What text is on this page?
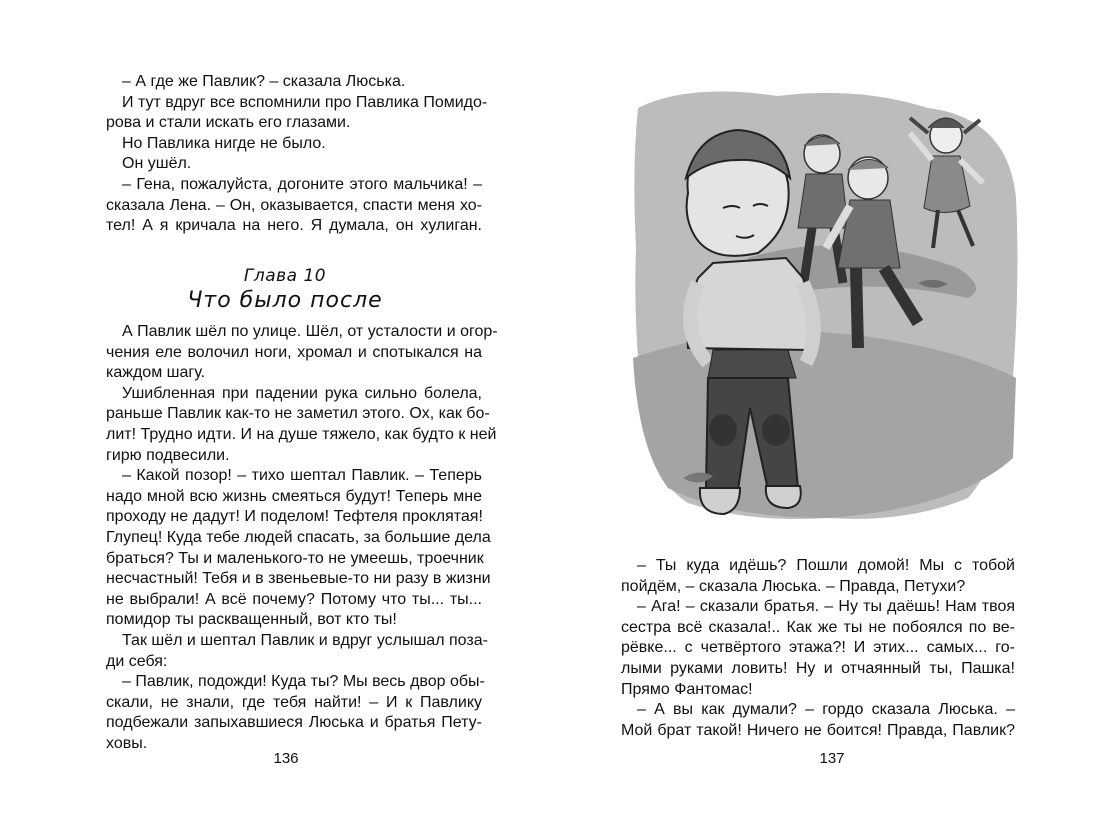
– А где же Павлик? – сказала Люська.
И тут вдруг все вспомнили про Павлика Помидо-
рова и стали искать его глазами.
Но Павлика нигде не было.
Он ушёл.
– Гена, пожалуйста, догоните этого мальчика! –
сказала Лена. – Он, оказывается, спасти меня хо-
тел! А я кричала на него. Я думала, он хулиган.
Глава 10
Что было после
А Павлик шёл по улице. Шёл, от усталости и огор-
чения еле волочил ноги, хромал и спотыкался на
каждом шагу.
Ушибленная при падении рука сильно болела,
раньше Павлик как-то не заметил этого. Ох, как бо-
лит! Трудно идти. И на душе тяжело, как будто к ней
гирю подвесили.
– Какой позор! – тихо шептал Павлик. – Теперь
надо мной всю жизнь смеяться будут! Теперь мне
проходу не дадут! И поделом! Тефтеля проклятая!
Глупец! Куда тебе людей спасать, за большие дела
браться? Ты и маленького-то не умеешь, троечник
несчастный! Тебя и в звеньевые-то ни разу в жизни
не выбрали! А всё почему? Потому что ты... ты...
помидор ты раскващенный, вот кто ты!
Так шёл и шептал Павлик и вдруг услышал поза-
ди себя:
– Павлик, подожди! Куда ты? Мы весь двор обы-
скали, не знали, где тебя найти! – И к Павлику
подбежали запыхавшиеся Люська и братья Пету-
ховы.
136
– Ты куда идёшь? Пошли домой! Мы с тобой
пойдём, – сказала Люська. – Правда, Петухи?
– Ага! – сказали братья. – Ну ты даёшь! Нам твоя
сестра всё сказала!.. Как же ты не побоялся по ве-
рёвке... с четвёртого этажа?! И этих... самых... го-
лыми руками ловить! Ну и отчаянный ты, Пашка!
Прямо Фантомас!
– А вы как думали? – гордо сказала Люська. –
Мой брат такой! Ничего не боится! Правда, Павлик?
137
